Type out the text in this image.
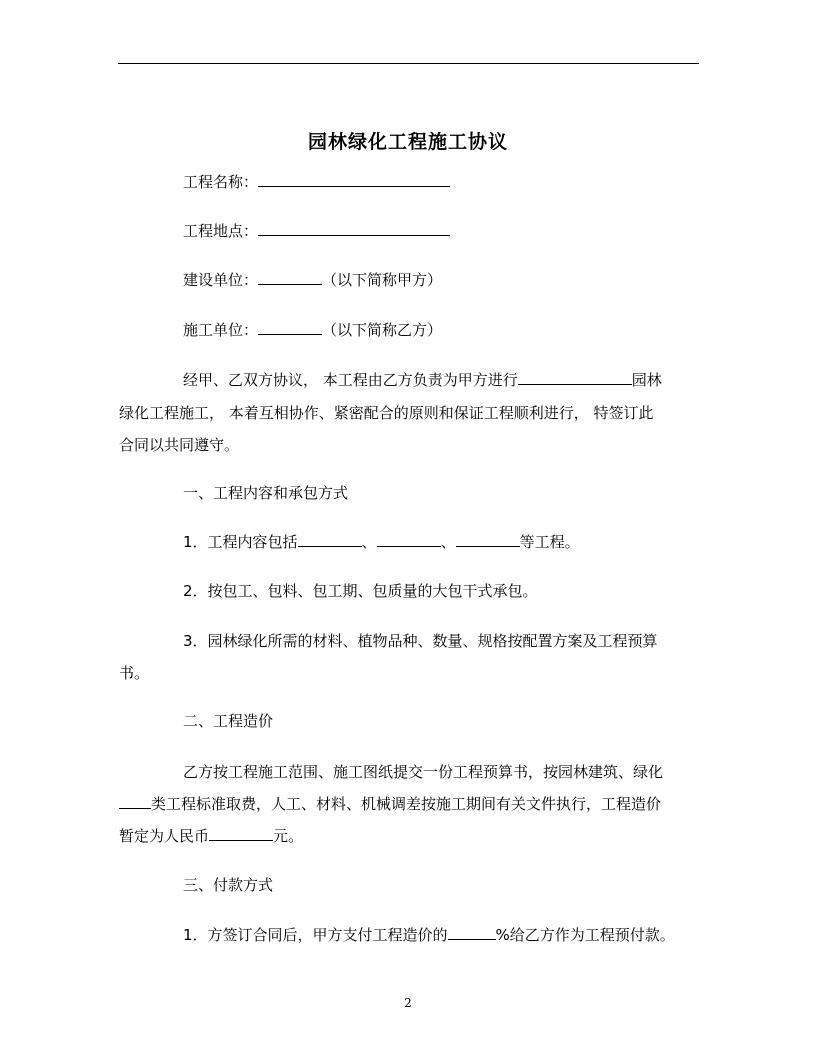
园林绿化工程施工协议
工程名称：
工程地点：
建设单位：	（以下简称甲方）
施工单位：	（以下简称乙方）
经甲、乙双方协议， 本工程由乙方负责为甲方进行	园林
绿化工程施工， 本着互相协作、紧密配合的原则和保证工程顺利进行， 特签订此
合同以共同遵守。
一、工程内容和承包方式
1．工程内容包括	、	、	等工程。
2．按包工、包料、包工期、包质量的大包干式承包。
3．园林绿化所需的材料、植物品种、数量、规格按配置方案及工程预算
书。
二、工程造价
乙方按工程施工范围、施工图纸提交一份工程预算书，按园林建筑、绿化
类工程标准取费，人工、材料、机械调差按施工期间有关文件执行，工程造价
暂定为人民币	元。
三、付款方式
1．方签订合同后，甲方支付工程造价的	%给乙方作为工程预付款。
2
